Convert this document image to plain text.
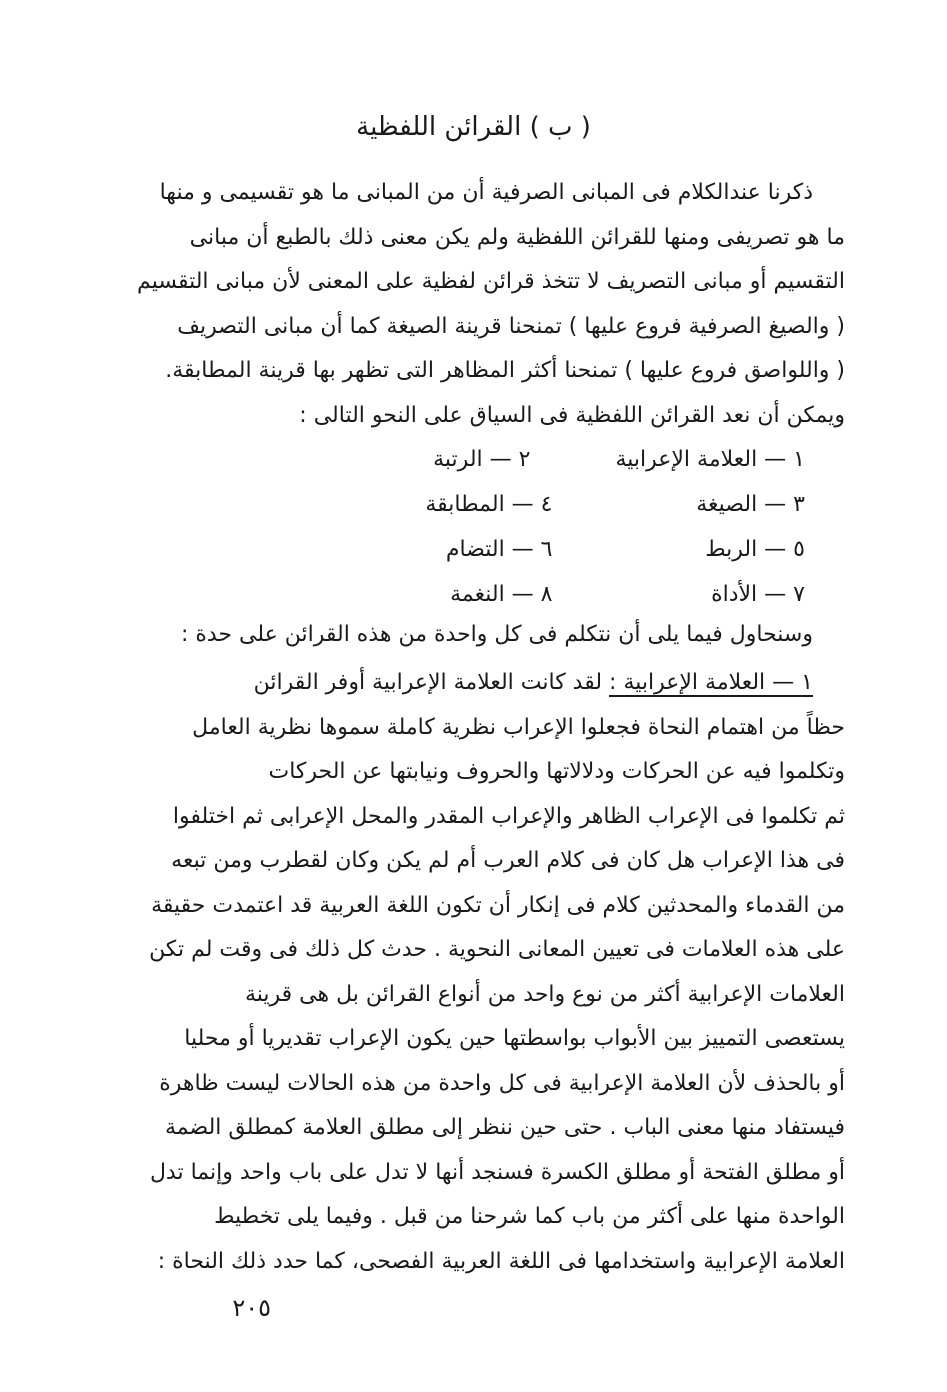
( ب ) القرائن اللفظية
ذكرنا عندالكلام فى المبانى الصرفية أن من المبانى ما هو تقسيمى و منها
ما هو تصريفى ومنها للقرائن اللفظية ولم يكن معنى ذلك بالطبع أن مبانى
التقسيم أو مبانى التصريف لا تتخذ قرائن لفظية على المعنى لأن مبانى التقسيم
( والصيغ الصرفية فروع عليها ) تمنحنا قرينة الصيغة كما أن مبانى التصريف
( واللواصق فروع عليها ) تمنحنا أكثر المظاهر التى تظهر بها قرينة المطابقة.
ويمكن أن نعد القرائن اللفظية فى السياق على النحو التالى :
١ — العلامة الإعرابية
٢ — الرتبة
٣ — الصيغة
٤ — المطابقة
٥ — الربط
٦ — التضام
٧ — الأداة
٨ — النغمة
وسنحاول فيما يلى أن نتكلم فى كل واحدة من هذه القرائن على حدة :
١ — العلامة الإعرابية : لقد كانت العلامة الإعرابية أوفر القرائن
حظاً من اهتمام النحاة فجعلوا الإعراب نظرية كاملة سموها نظرية العامل
وتكلموا فيه عن الحركات ودلالاتها والحروف ونيابتها عن الحركات
ثم تكلموا فى الإعراب الظاهر والإعراب المقدر والمحل الإعرابى ثم اختلفوا
فى هذا الإعراب هل كان فى كلام العرب أم لم يكن وكان لقطرب ومن تبعه
من القدماء والمحدثين كلام فى إنكار أن تكون اللغة العربية قد اعتمدت حقيقة
على هذه العلامات فى تعيين المعانى النحوية . حدث كل ذلك فى وقت لم تكن
العلامات الإعرابية أكثر من نوع واحد من أنواع القرائن بل هى قرينة
يستعصى التمييز بين الأبواب بواسطتها حين يكون الإعراب تقديريا أو محليا
أو بالحذف لأن العلامة الإعرابية فى كل واحدة من هذه الحالات ليست ظاهرة
فيستفاد منها معنى الباب . حتى حين ننظر إلى مطلق العلامة كمطلق الضمة
أو مطلق الفتحة أو مطلق الكسرة فسنجد أنها لا تدل على باب واحد وإنما تدل
الواحدة منها على أكثر من باب كما شرحنا من قبل . وفيما يلى تخطيط
العلامة الإعرابية واستخدامها فى اللغة العربية الفصحى، كما حدد ذلك النحاة :
٢٠٥
